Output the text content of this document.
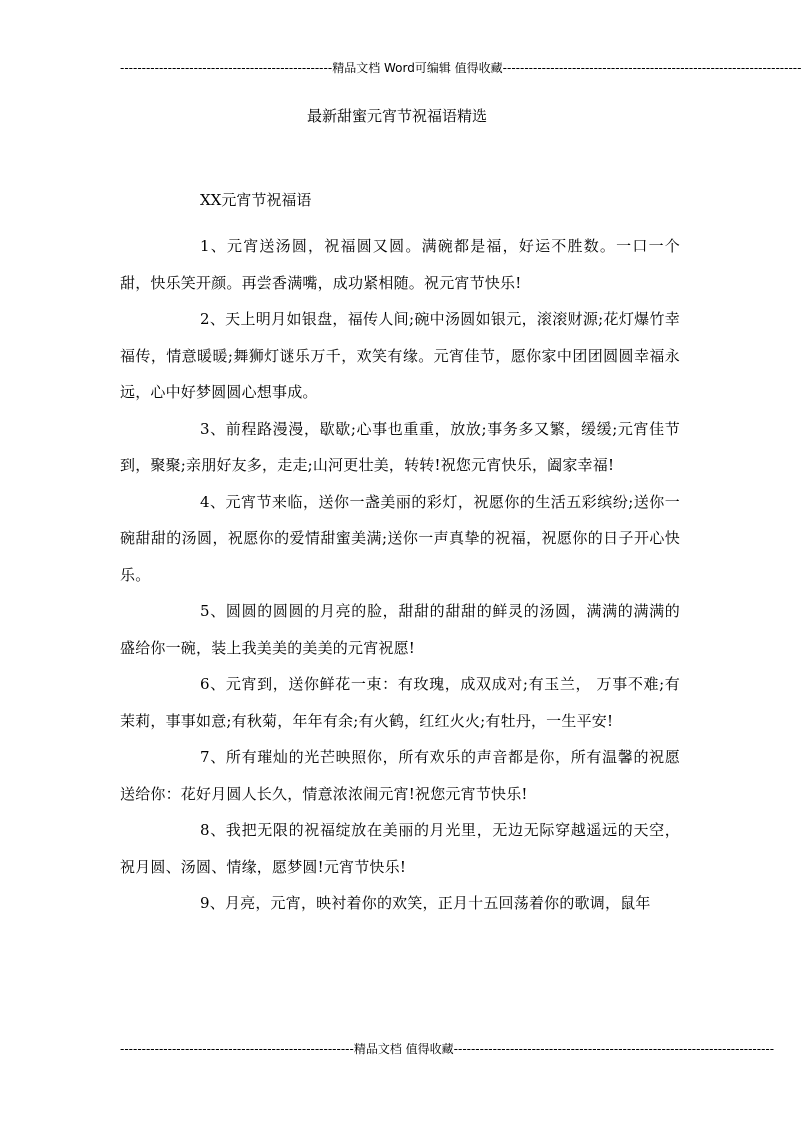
-------------------------------------------------精品文档 Word可编辑 值得收藏---------------------------------------------------------------------
最新甜蜜元宵节祝福语精选
XX元宵节祝福语

1、元宵送汤圆，祝福圆又圆。满碗都是福，好运不胜数。一口一个甜，快乐笑开颜。再尝香满嘴，成功紧相随。祝元宵节快乐!

2、天上明月如银盘，福传人间;碗中汤圆如银元，滚滚财源;花灯爆竹幸福传，情意暖暖;舞狮灯谜乐万千，欢笑有缘。元宵佳节，愿你家中团团圆圆幸福永远，心中好梦圆圆心想事成。

3、前程路漫漫，歇歇;心事也重重，放放;事务多又繁，缓缓;元宵佳节到，聚聚;亲朋好友多，走走;山河更壮美，转转!祝您元宵快乐，阖家幸福!

4、元宵节来临，送你一盏美丽的彩灯，祝愿你的生活五彩缤纷;送你一碗甜甜的汤圆，祝愿你的爱情甜蜜美满;送你一声真挚的祝福，祝愿你的日子开心快乐。

5、圆圆的圆圆的月亮的脸，甜甜的甜甜的鲜灵的汤圆，满满的满满的盛给你一碗，装上我美美的美美的元宵祝愿!

6、元宵到，送你鲜花一束：有玫瑰，成双成对;有玉兰， 万事不难;有茉莉，事事如意;有秋菊，年年有余;有火鹤，红红火火;有牡丹，一生平安!

7、所有璀灿的光芒映照你，所有欢乐的声音都是你，所有温馨的祝愿送给你：花好月圆人长久，情意浓浓闹元宵!祝您元宵节快乐!

8、我把无限的祝福绽放在美丽的月光里，无边无际穿越遥远的天空，祝月圆、汤圆、情缘，愿梦圆!元宵节快乐!

9、月亮，元宵，映衬着你的欢笑，正月十五回荡着你的歌调，鼠年

------------------------------------------------------精品文档 值得收藏--------------------------------------------------------------------------
